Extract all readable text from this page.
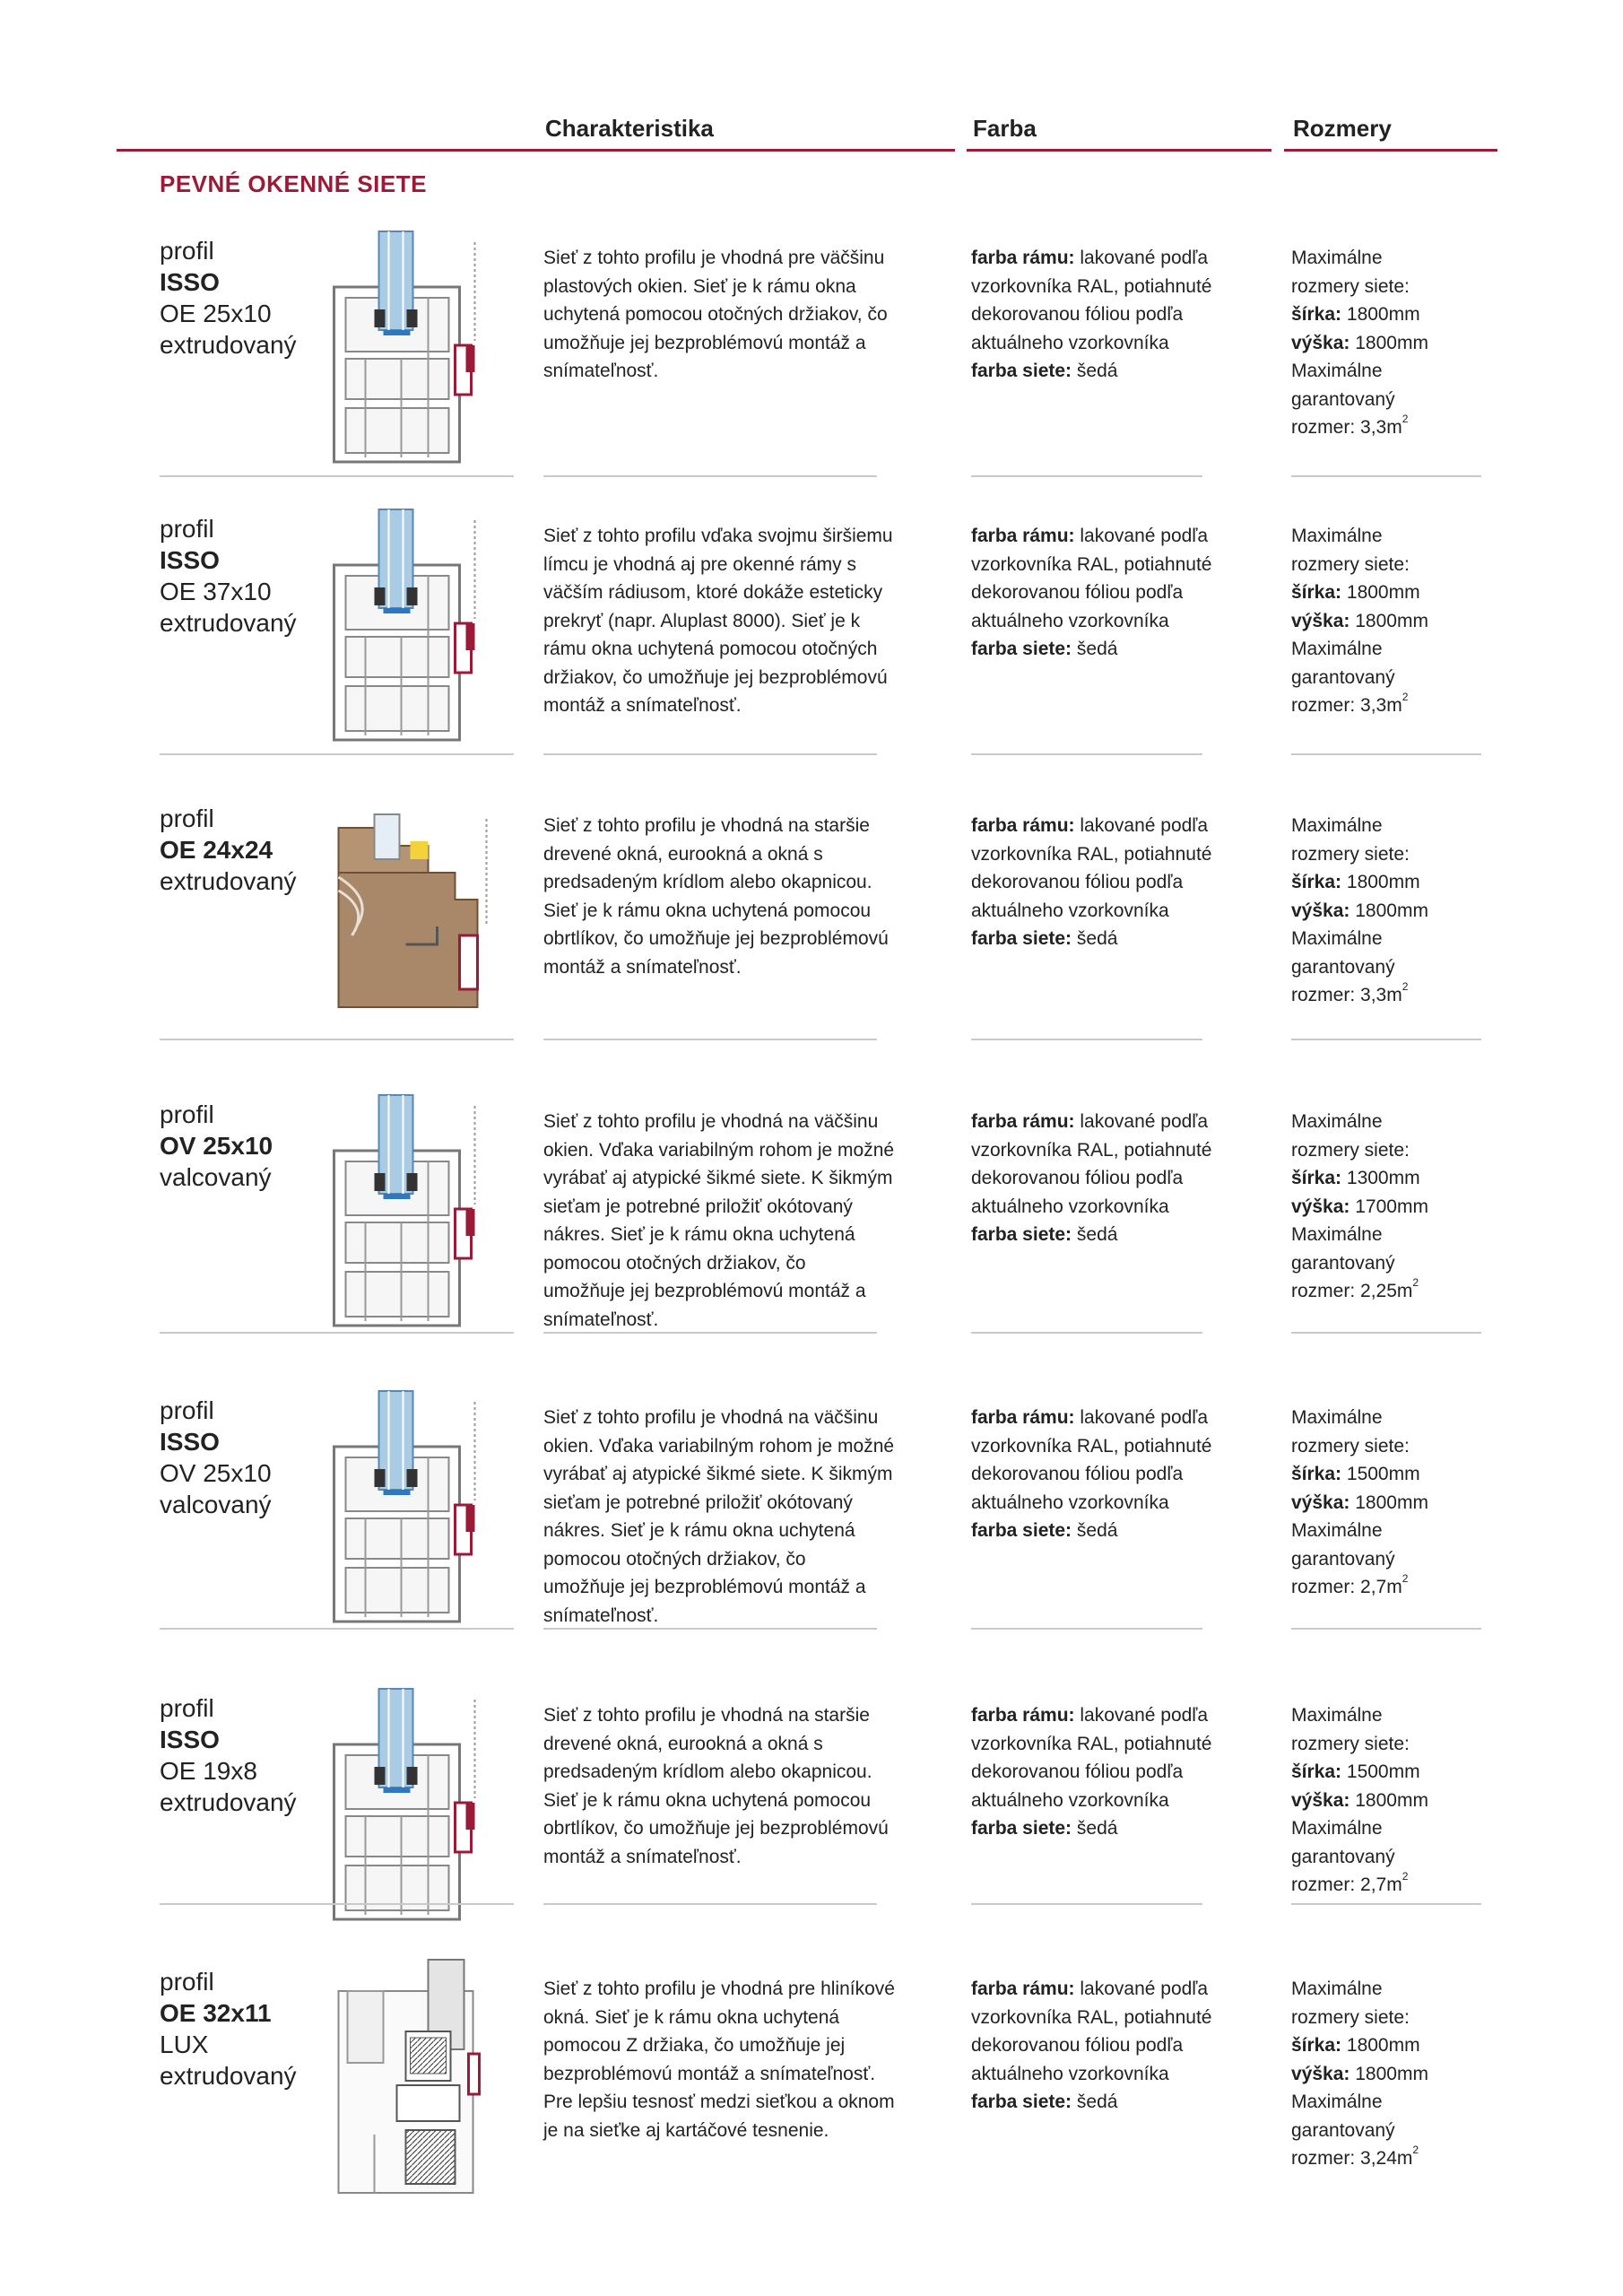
Charakteristika	Farba	Rozmery
PEVNÉ OKENNÉ SIETE
profil
ISSO
OE 25x10
extrudovaný
Sieť z tohto profilu je vhodná pre väčšinu
plastových okien. Sieť je k rámu okna
uchytená pomocou otočných držiakov, čo
umožňuje jej bezproblémovú montáž a
snímateľnosť.
farba rámu: lakované podľa
vzorkovníka RAL, potiahnuté
dekorovanou fóliou podľa
aktuálneho vzorkovníka
farba siete: šedá
Maximálne
rozmery siete:
šírka: 1800mm
výška: 1800mm
Maximálne
garantovaný
rozmer: $3,3m^2$
profil
ISSO
OE 37x10
extrudovaný
Sieť z tohto profilu vďaka svojmu širšiemu
límcu je vhodná aj pre okenné rámy s
väčším rádiusom, ktoré dokáže esteticky
prekryť (napr. Aluplast 8000). Sieť je k
rámu okna uchytená pomocou otočných
držiakov, čo umožňuje jej bezproblémovú
montáž a snímateľnosť.
farba rámu: lakované podľa
vzorkovníka RAL, potiahnuté
dekorovanou fóliou podľa
aktuálneho vzorkovníka
farba siete: šedá
Maximálne
rozmery siete:
šírka: 1800mm
výška: 1800mm
Maximálne
garantovaný
rozmer: $3,3m^2$
profil
OE 24x24
extrudovaný
Sieť z tohto profilu je vhodná na staršie
drevené okná, eurookná a okná s
predsadeným krídlom alebo okapnicou.
Sieť je k rámu okna uchytená pomocou
obrtlíkov, čo umožňuje jej bezproblémovú
montáž a snímateľnosť.
farba rámu: lakované podľa
vzorkovníka RAL, potiahnuté
dekorovanou fóliou podľa
aktuálneho vzorkovníka
farba siete: šedá
Maximálne
rozmery siete:
šírka: 1800mm
výška: 1800mm
Maximálne
garantovaný
rozmer: $3,3m^2$
profil
OV 25x10
valcovaný
Sieť z tohto profilu je vhodná na väčšinu
okien. Vďaka variabilným rohom je možné
vyrábať aj atypické šikmé siete. K šikmým
sieťam je potrebné priložiť okótovaný
nákres. Sieť je k rámu okna uchytená
pomocou otočných držiakov, čo
umožňuje jej bezproblémovú montáž a
snímateľnosť.
farba rámu: lakované podľa
vzorkovníka RAL, potiahnuté
dekorovanou fóliou podľa
aktuálneho vzorkovníka
farba siete: šedá
Maximálne
rozmery siete:
šírka: 1300mm
výška: 1700mm
Maximálne
garantovaný
rozmer: $2,25m^2$
profil
ISSO
OV 25x10
valcovaný
Sieť z tohto profilu je vhodná na väčšinu
okien. Vďaka variabilným rohom je možné
vyrábať aj atypické šikmé siete. K šikmým
sieťam je potrebné priložiť okótovaný
nákres. Sieť je k rámu okna uchytená
pomocou otočných držiakov, čo
umožňuje jej bezproblémovú montáž a
snímateľnosť.
farba rámu: lakované podľa
vzorkovníka RAL, potiahnuté
dekorovanou fóliou podľa
aktuálneho vzorkovníka
farba siete: šedá
Maximálne
rozmery siete:
šírka: 1500mm
výška: 1800mm
Maximálne
garantovaný
rozmer: $2,7m^2$
profil
ISSO
OE 19x8
extrudovaný
Sieť z tohto profilu je vhodná na staršie
drevené okná, eurookná a okná s
predsadeným krídlom alebo okapnicou.
Sieť je k rámu okna uchytená pomocou
obrtlíkov, čo umožňuje jej bezproblémovú
montáž a snímateľnosť.
farba rámu: lakované podľa
vzorkovníka RAL, potiahnuté
dekorovanou fóliou podľa
aktuálneho vzorkovníka
farba siete: šedá
Maximálne
rozmery siete:
šírka: 1500mm
výška: 1800mm
Maximálne
garantovaný
rozmer: $2,7m^2$
profil
OE 32x11
LUX
extrudovaný
Sieť z tohto profilu je vhodná pre hliníkové
okná. Sieť je k rámu okna uchytená
pomocou Z držiaka, čo umožňuje jej
bezproblémovú montáž a snímateľnosť.
Pre lepšiu tesnosť medzi sieťkou a oknom
je na sieťke aj kartáčové tesnenie.
farba rámu: lakované podľa
vzorkovníka RAL, potiahnuté
dekorovanou fóliou podľa
aktuálneho vzorkovníka
farba siete: šedá
Maximálne
rozmery siete:
šírka: 1800mm
výška: 1800mm
Maximálne
garantovaný
rozmer: $3,24m^2$
